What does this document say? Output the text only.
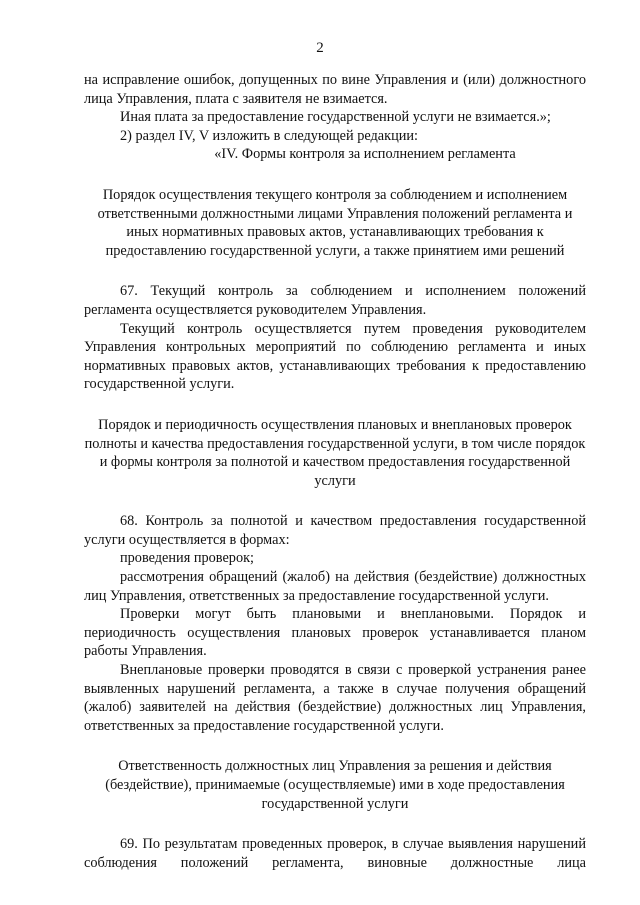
2

на исправление ошибок, допущенных по вине Управления и (или) должностного лица Управления, плата с заявителя не взимается.

Иная плата за предоставление государственной услуги не взимается.»;

2) раздел IV, V изложить в следующей редакции:

«IV. Формы контроля за исполнением регламента

Порядок осуществления текущего контроля за соблюдением и исполнением ответственными должностными лицами Управления положений регламента и иных нормативных правовых актов, устанавливающих требования к предоставлению государственной услуги, а также принятием ими решений

67. Текущий контроль за соблюдением и исполнением положений регламента осуществляется руководителем Управления.

Текущий контроль осуществляется путем проведения руководителем Управления контрольных мероприятий по соблюдению регламента и иных нормативных правовых актов, устанавливающих требования к предоставлению государственной услуги.

Порядок и периодичность осуществления плановых и внеплановых проверок полноты и качества предоставления государственной услуги, в том числе порядок и формы контроля за полнотой и качеством предоставления государственной услуги

68. Контроль за полнотой и качеством предоставления государственной услуги осуществляется в формах:

проведения проверок;

рассмотрения обращений (жалоб) на действия (бездействие) должностных лиц Управления, ответственных за предоставление государственной услуги.

Проверки могут быть плановыми и внеплановыми. Порядок и периодичность осуществления плановых проверок устанавливается планом работы Управления.

Внеплановые проверки проводятся в связи с проверкой устранения ранее выявленных нарушений регламента, а также в случае получения обращений (жалоб) заявителей на действия (бездействие) должностных лиц Управления, ответственных за предоставление государственной услуги.

Ответственность должностных лиц Управления за решения и действия (бездействие), принимаемые (осуществляемые) ими в ходе предоставления государственной услуги

69. По результатам проведенных проверок, в случае выявления нарушений соблюдения положений регламента, виновные должностные лица
